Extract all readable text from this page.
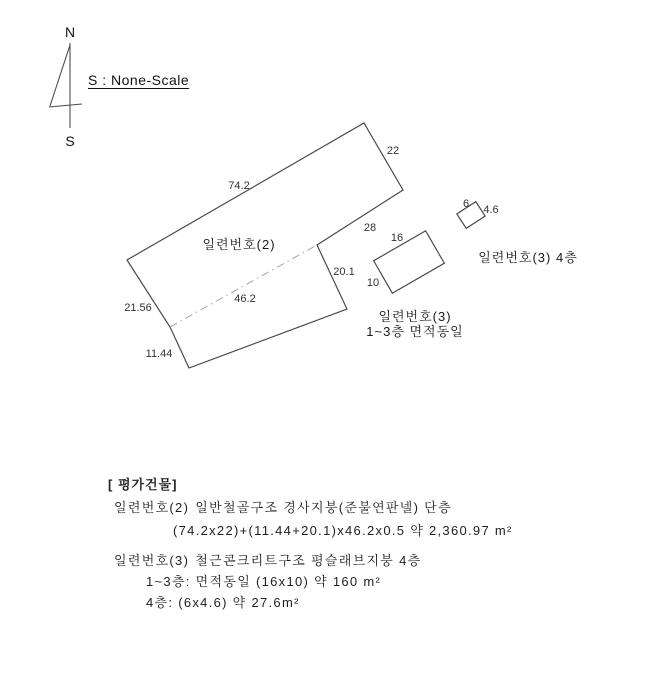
N
S
74.2
22
28
20.1
46.2
21.56
11.44
일련번호(2)	16
10
일련번호(3)
1~3층 면적동일
6 4.6
일련번호(3) 4층
S : None-Scale
[ 평가건물]
일련번호(2) 일반철골구조 경사지붕(준불연판넬) 단층
(74.2x22)+(11.44+20.1)x46.2x0.5 약 2,360.97 m²
일련번호(3) 철근콘크리트구조 평슬래브지붕 4층
1~3층: 면적동일 (16x10) 약 160 m²
4층: (6x4.6) 약 27.6m²
